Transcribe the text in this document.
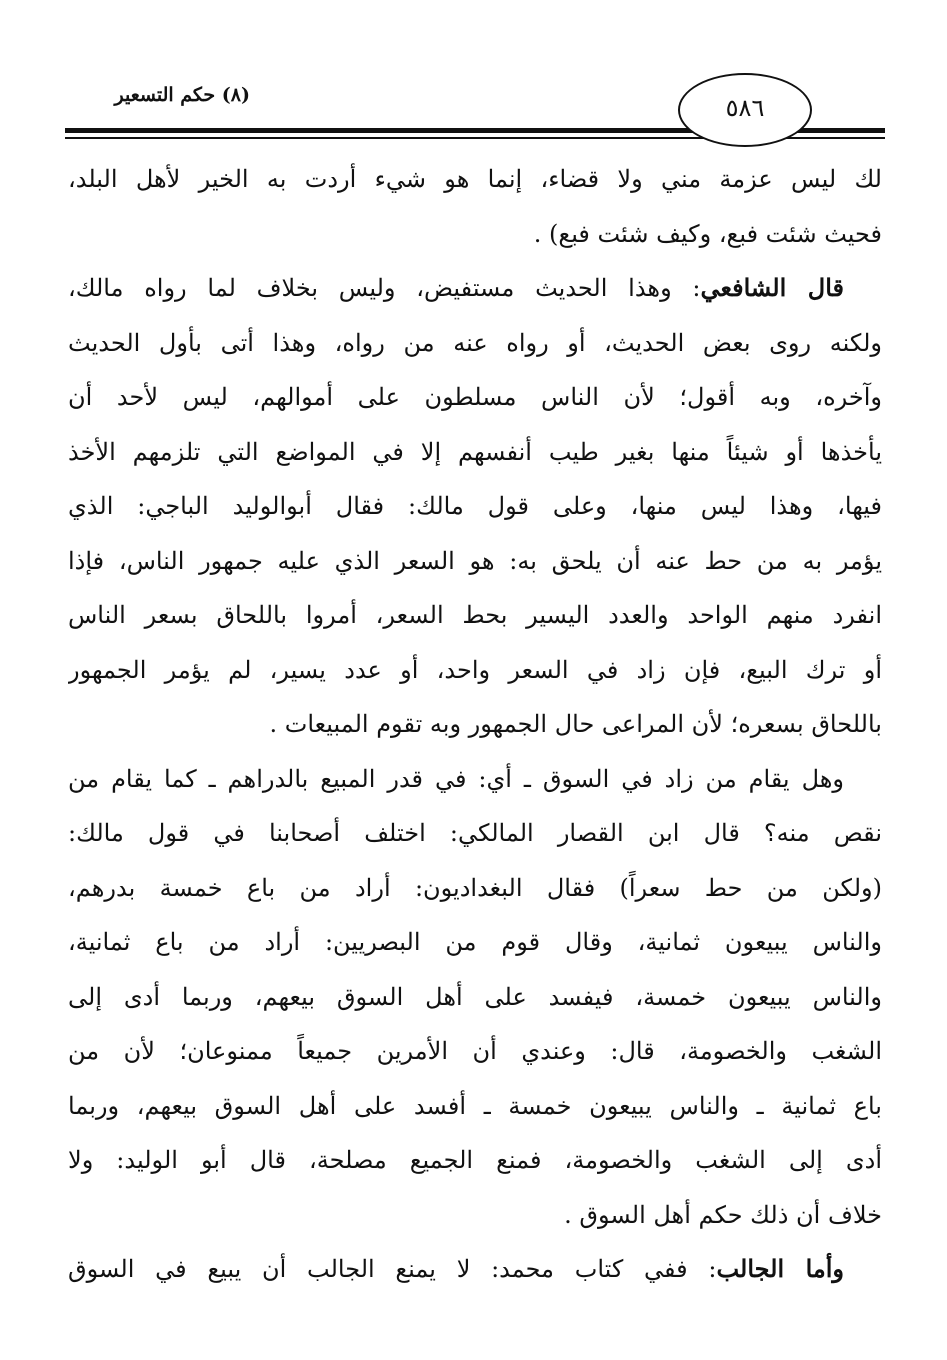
(٨) حكم التسعير	٥٨٦
لك ليس عزمة مني ولا قضاء، إنما هو شيء أردت به الخير لأهل البلد،
فحيث شئت فبع، وكيف شئت فبع) .
قال الشافعي: وهذا الحديث مستفيض، وليس بخلاف لما رواه مالك،
ولكنه روى بعض الحديث، أو رواه عنه من رواه، وهذا أتى بأول الحديث
وآخره، وبه أقول؛ لأن الناس مسلطون على أموالهم، ليس لأحد أن
يأخذها أو شيئاً منها بغير طيب أنفسهم إلا في المواضع التي تلزمهم الأخذ
فيها، وهذا ليس منها، وعلى قول مالك: فقال أبوالوليد الباجي: الذي
يؤمر به من حط عنه أن يلحق به: هو السعر الذي عليه جمهور الناس، فإذا
انفرد منهم الواحد والعدد اليسير بحط السعر، أمروا باللحاق بسعر الناس
أو ترك البيع، فإن زاد في السعر واحد، أو عدد يسير، لم يؤمر الجمهور
باللحاق بسعره؛ لأن المراعى حال الجمهور وبه تقوم المبيعات .
وهل يقام من زاد في السوق ـ أي: في قدر المبيع بالدراهم ـ كما يقام من
نقص منه؟ قال ابن القصار المالكي: اختلف أصحابنا في قول مالك:
(ولكن من حط سعراً) فقال البغداديون: أراد من باع خمسة بدرهم،
والناس يبيعون ثمانية، وقال قوم من البصريين: أراد من باع ثمانية،
والناس يبيعون خمسة، فيفسد على أهل السوق بيعهم، وربما أدى إلى
الشغب والخصومة، قال: وعندي أن الأمرين جميعاً ممنوعان؛ لأن من
باع ثمانية ـ والناس يبيعون خمسة ـ أفسد على أهل السوق بيعهم، وربما
أدى إلى الشغب والخصومة، فمنع الجميع مصلحة، قال أبو الوليد: ولا
خلاف أن ذلك حكم أهل السوق .
وأما الجالب: ففي كتاب محمد: لا يمنع الجالب أن يبيع في السوق
